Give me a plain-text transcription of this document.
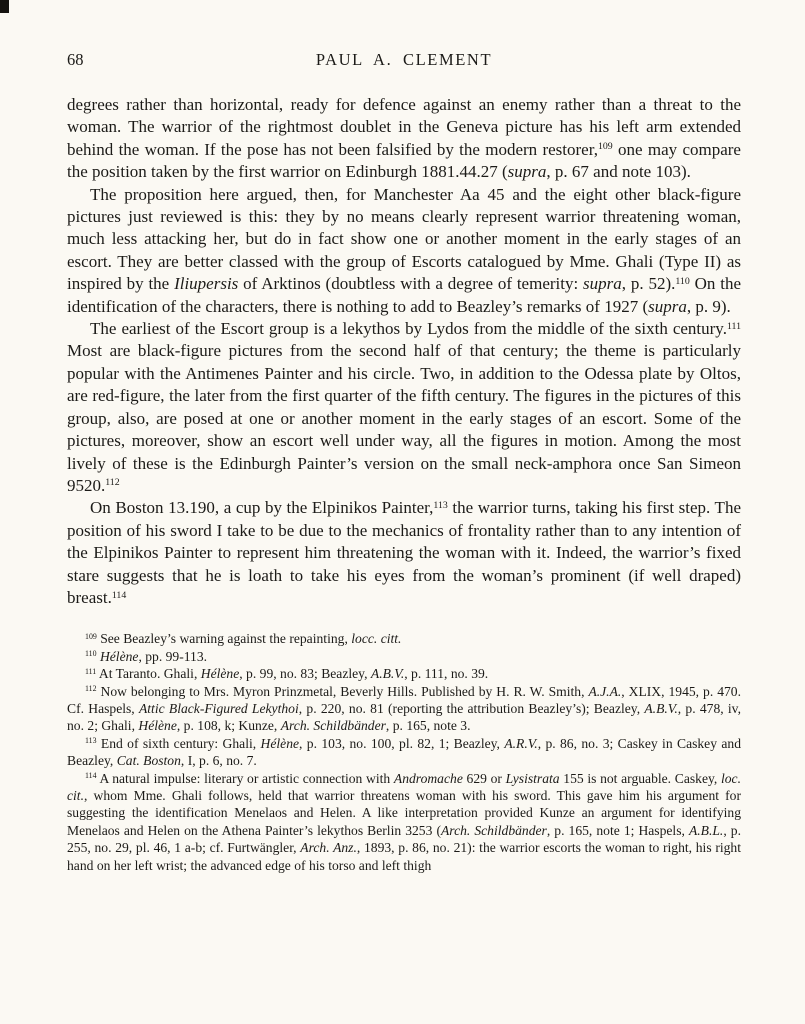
68	PAUL A. CLEMENT

degrees rather than horizontal, ready for defence against an enemy rather than a threat to the woman. The warrior of the rightmost doublet in the Geneva picture has his left arm extended behind the woman. If the pose has not been falsified by the modern restorer,$^{109}$ one may compare the position taken by the first warrior on Edinburgh 1881.44.27 (supra, p. 67 and note 103).

The proposition here argued, then, for Manchester Aa 45 and the eight other black-figure pictures just reviewed is this: they by no means clearly represent warrior threatening woman, much less attacking her, but do in fact show one or another moment in the early stages of an escort. They are better classed with the group of Escorts catalogued by Mme. Ghali (Type II) as inspired by the Iliupersis of Arktinos (doubtless with a degree of temerity: supra, p. 52).$^{110}$ On the identification of the characters, there is nothing to add to Beazley’s remarks of 1927 (supra, p. 9).

The earliest of the Escort group is a lekythos by Lydos from the middle of the sixth century.$^{111}$ Most are black-figure pictures from the second half of that century; the theme is particularly popular with the Antimenes Painter and his circle. Two, in addition to the Odessa plate by Oltos, are red-figure, the later from the first quarter of the fifth century. The figures in the pictures of this group, also, are posed at one or another moment in the early stages of an escort. Some of the pictures, moreover, show an escort well under way, all the figures in motion. Among the most lively of these is the Edinburgh Painter’s version on the small neck-amphora once San Simeon 9520.$^{112}$

On Boston 13.190, a cup by the Elpinikos Painter,$^{113}$ the warrior turns, taking his first step. The position of his sword I take to be due to the mechanics of frontality rather than to any intention of the Elpinikos Painter to represent him threatening the woman with it. Indeed, the warrior’s fixed stare suggests that he is loath to take his eyes from the woman’s prominent (if well draped) breast.$^{114}$

$^{109}$ See Beazley’s warning against the repainting, locc. citt.

$^{110}$ Hélène, pp. 99-113.

$^{111}$ At Taranto. Ghali, Hélène, p. 99, no. 83; Beazley, A.B.V., p. 111, no. 39.

$^{112}$ Now belonging to Mrs. Myron Prinzmetal, Beverly Hills. Published by H. R. W. Smith, A.J.A., XLIX, 1945, p. 470. Cf. Haspels, Attic Black-Figured Lekythoi, p. 220, no. 81 (reporting the attribution Beazley’s); Beazley, A.B.V., p. 478, iv, no. 2; Ghali, Hélène, p. 108, k; Kunze, Arch. Schildbänder, p. 165, note 3.

$^{113}$ End of sixth century: Ghali, Hélène, p. 103, no. 100, pl. 82, 1; Beazley, A.R.V., p. 86, no. 3; Caskey in Caskey and Beazley, Cat. Boston, I, p. 6, no. 7.

$^{114}$ A natural impulse: literary or artistic connection with Andromache 629 or Lysistrata 155 is not arguable. Caskey, loc. cit., whom Mme. Ghali follows, held that warrior threatens woman with his sword. This gave him his argument for suggesting the identification Menelaos and Helen. A like interpretation provided Kunze an argument for identifying Menelaos and Helen on the Athena Painter’s lekythos Berlin 3253 (Arch. Schildbänder, p. 165, note 1; Haspels, A.B.L., p. 255, no. 29, pl. 46, 1 a-b; cf. Furtwängler, Arch. Anz., 1893, p. 86, no. 21): the warrior escorts the woman to right, his right hand on her left wrist; the advanced edge of his torso and left thigh
